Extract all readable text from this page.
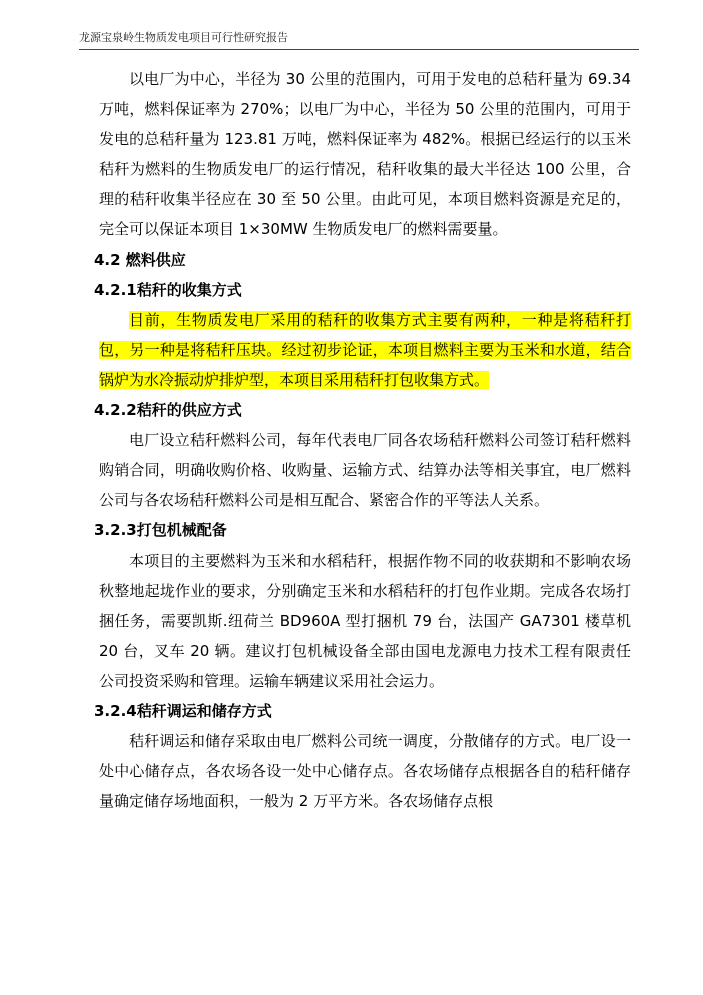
龙源宝泉岭生物质发电项目可行性研究报告

以电厂为中心，半径为 30 公里的范围内，可用于发电的总秸秆量为 69.34 万吨，燃料保证率为 270%；以电厂为中心，半径为 50 公里的范围内，可用于发电的总秸秆量为 123.81 万吨，燃料保证率为 482%。根据已经运行的以玉米秸秆为燃料的生物质发电厂的运行情况，秸秆收集的最大半径达 100 公里，合理的秸秆收集半径应在 30 至 50 公里。由此可见，本项目燃料资源是充足的，完全可以保证本项目 1×30MW 生物质发电厂的燃料需要量。

4.2 燃料供应
4.2.1秸秆的收集方式

目前，生物质发电厂采用的秸秆的收集方式主要有两种，一种是将秸秆打包，另一种是将秸秆压块。经过初步论证，本项目燃料主要为玉米和水道，结合锅炉为水冷振动炉排炉型，本项目采用秸秆打包收集方式。

4.2.2秸秆的供应方式

电厂设立秸秆燃料公司，每年代表电厂同各农场秸秆燃料公司签订秸秆燃料购销合同，明确收购价格、收购量、运输方式、结算办法等相关事宜，电厂燃料公司与各农场秸秆燃料公司是相互配合、紧密合作的平等法人关系。

3.2.3打包机械配备

本项目的主要燃料为玉米和水稻秸秆，根据作物不同的收获期和不影响农场秋整地起垅作业的要求，分别确定玉米和水稻秸秆的打包作业期。完成各农场打捆任务，需要凯斯.纽荷兰 BD960A 型打捆机 79 台，法国产 GA7301 楼草机 20 台，叉车 20 辆。建议打包机械设备全部由国电龙源电力技术工程有限责任公司投资采购和管理。运输车辆建议采用社会运力。

3.2.4秸秆调运和储存方式

秸秆调运和储存采取由电厂燃料公司统一调度，分散储存的方式。电厂设一处中心储存点，各农场各设一处中心储存点。各农场储存点根据各自的秸秆储存量确定储存场地面积，一般为 2 万平方米。各农场储存点根
